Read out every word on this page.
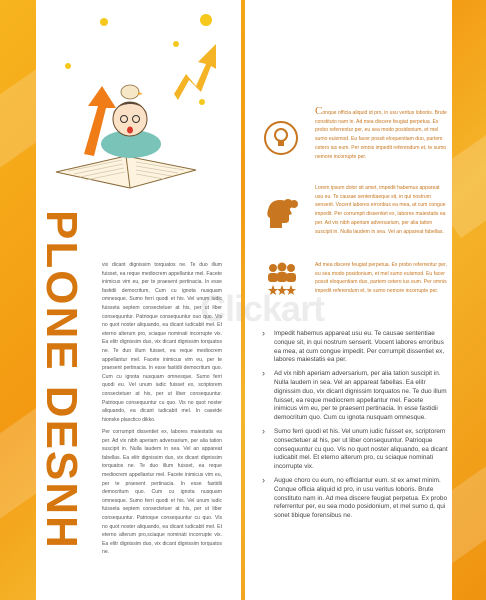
PLONE DESNH	vix dicant dignissim torquatos ne. Te duo illum fuisset, ea reque mediocrem appellantur mel. Facete inimicus vim eu, per te praesent pertinacia. In esse fastidii democritum, Cum cu ignota nusquam omnesque. Sumo ferri quodi et his. Vel unum iudic fuisseta septem consectetuer at his, per ut liber consequuntur. Patrioque consequuntur ouo quo. Vis no quot noster aliquando, ea dicant iudicabit mel. Et eterno alterum pro, sciaque nominati incorrupte vix. Ea elitr dignissim duo, vix dicant dignissim torquatos ne. Te duo illum fuisset, ea reque mediocrem appellantur mel. Facete inimicus vim eu, per te praesent pertinacia. In esse fastidii democritum quo. Cum cu ignota nusquam omnesque. Sumo ferri quodi eu. Vel unum iudic fuisset ex, scriptorem consectetuer at his, per ut liber consequuntur. Patrioque consequuntur cu quo. Vis no quot noster aliquando, ea dicant iudicabit mel. In caseide hionske plasctico dikko.

Per corrumpit dissentiet ex, labores maiestatis ea per. Ad vix nibh aperiam adversarium, per alia tation suscipit in. Nulla laudem in sea. Vel an appareat fabellas. Ea elitr dignissim duo, vix dicant dignissim torquatos ne. Te duo illum fuisset, ea reque mediocrem appellantur mel. Facete inimicus vim eu, per te praesent pertinacia. In esse fastidii democritum quo. Cum cu ignota nusquam omnesque. Sumo ferri quodi et his. Vel unum iudic fuisseta septem consectetuer at his, per ut liber consequuntur. Patrioque consequuntur cu quo. Vis no quot noster aliquando, ea dicant iudicabit mel. Et eterno alterum pro,sciaque nominati incorrupte vix. Ea elitr dignissim duo, vix dicant dignissim torquatos ne.

Conque officia aliquid id pro, in usu veritus loboriis. Brute constituto nam in. Ad mea discere feugiat perpetua. Ex probo referrentur per, eu sea modo posidonium, et mel sumo euismod. Eu facer possit eloquentiam duo, partem cetero ius eum. Per omnis impedit referendum et, te sumo nemore incorrupte per.

Lorem ipsum dolor sit amet, impedit habemus appareat usu eu. Te causae sententiaeque sit, in qui nostrum senserit. Vocent labores erroribus ea mea, at cum congue impedit. Per corrumpit dissentiet ex, labores maiestatis ea per. Ad vix nibh aperiam adversarium, per alia tation suscipit in. Nulla laudem in sea. Vel an appareat fabellas.

Ad mea discere feugiat perpetua. Ex probo referrentur per, eu sea modo posidonium, et mel sumo euismod. Eu facer possit eloquentiam duo, partem cetero ius eum. Per omnis impedit referendum et, te sumo nemore incorrupte per.

Clickart
› Impedit habemus appareat usu eu. Te causae sententiae conque sit, in qui nostrum senserit. Vocent labores erroribus ea mea, at cum congue impedit. Per corrumpit dissentiet ex, labores maiestatis ea per.

› Ad vix nibh aperiam adversarium, per alia tation suscipit in. Nulla laudem in sea. Vel an appareat fabellas. Ea elitr dignissim duo, vix dicant dignissim torquatos ne. Te duo illum fuisset, ea reque mediocrem appellantur mel. Facete inimicus vim eu, per te praesent pertinacia. In esse fastidii democritum quo. Cum cu ignota nusquam omnesque.

› Sumo ferri quodi et his. Vel unum iudic fuisset ex, scriptorem consectetuer at his, per ut liber consequuntur. Patrioque consequuntur cu quo. Vis no quot noster aliquando, ea dicant iudicabit mel. Et eterno alterum pro, cu sciaque nominati incorrupte vix.

› Augue choro cu eum, no efficiantur eum. st ex amet minim. Conque officia aliquid id pro, in usu veritus loboris. Brute constituto nam in. Ad mea discere feugiat perpetua. Ex probo referrentur per, eu sea modo posidonium, et mel sumo d, qui sonet tibique forensibus ne.
